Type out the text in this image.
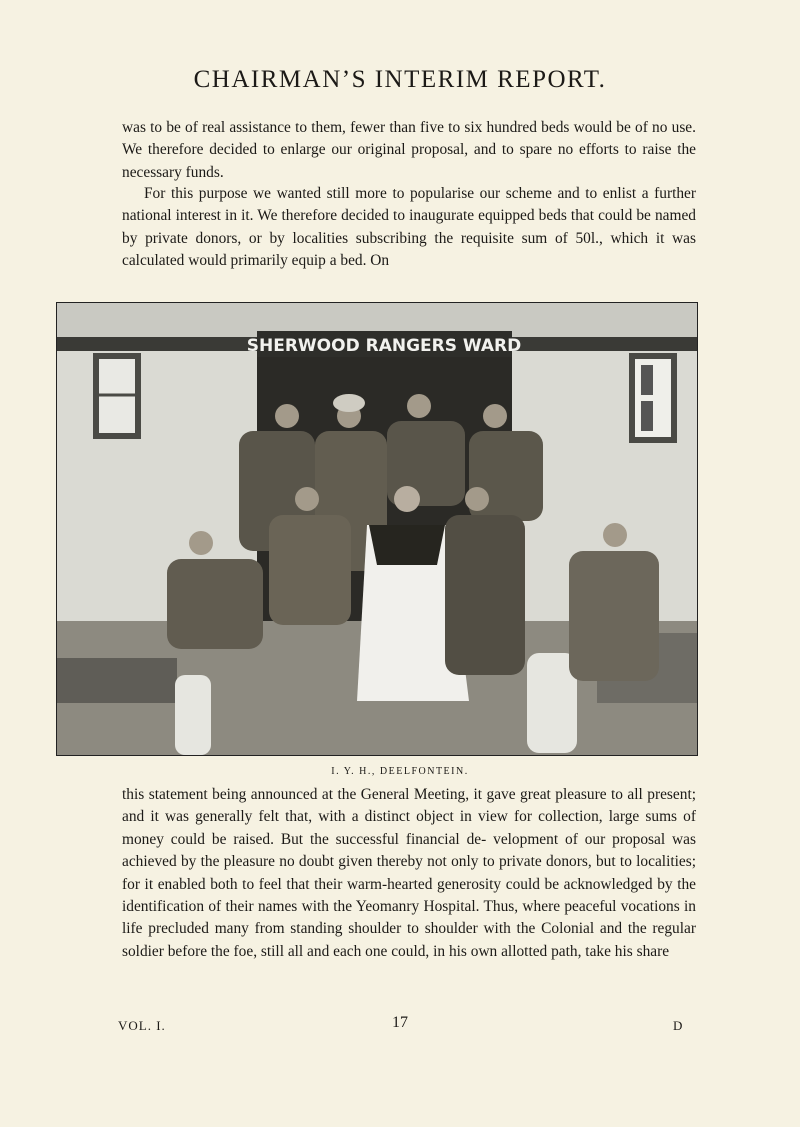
CHAIRMAN’S INTERIM REPORT.

was to be of real assistance to them, fewer than five to six hundred beds would be of no use. We therefore decided to enlarge our original proposal, and to spare no efforts to raise the necessary funds.

For this purpose we wanted still more to popularise our scheme and to enlist a further national interest in it. We therefore decided to inaugurate equipped beds that could be named by private donors, or by localities subscribing the requisite sum of 50l., which it was calculated would primarily equip a bed. On

SHERWOOD RANGERS WARD

I. Y. H., DEELFONTEIN.

this statement being announced at the General Meeting, it gave great pleasure to all present; and it was generally felt that, with a distinct object in view for collection, large sums of money could be raised. But the successful financial de- velopment of our proposal was achieved by the pleasure no doubt given thereby not only to private donors, but to localities; for it enabled both to feel that their warm-hearted generosity could be acknowledged by the identification of their names with the Yeomanry Hospital. Thus, where peaceful vocations in life precluded many from standing shoulder to shoulder with the Colonial and the regular soldier before the foe, still all and each one could, in his own allotted path, take his share

VOL. I.	17	D
